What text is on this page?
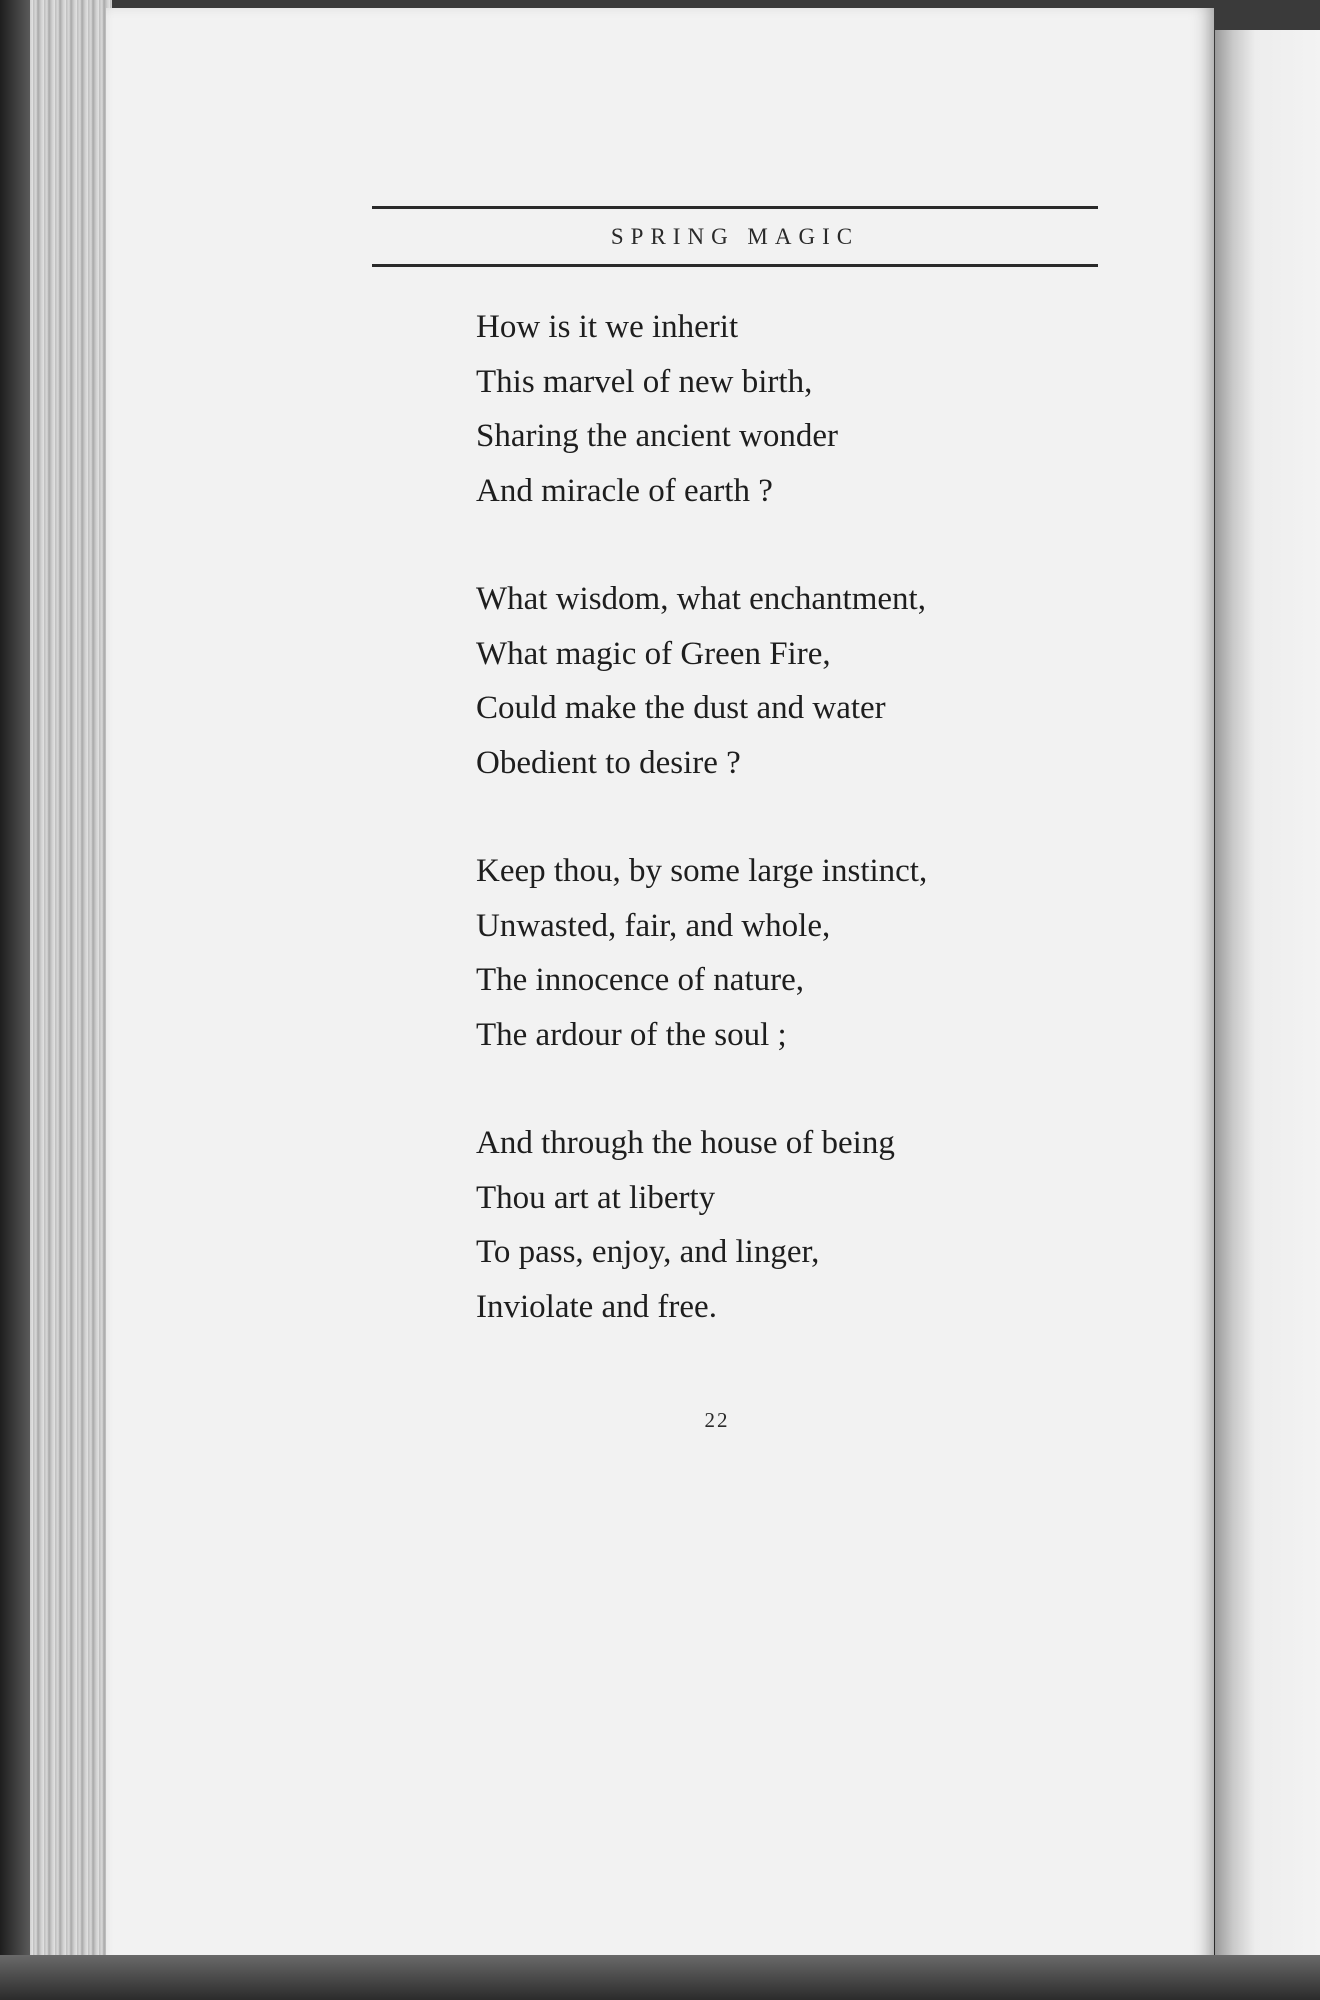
SPRING MAGIC
How is it we inherit
This marvel of new birth,
Sharing the ancient wonder
And miracle of earth ?
What wisdom, what enchantment,
What magic of Green Fire,
Could make the dust and water
Obedient to desire ?
Keep thou, by some large instinct,
Unwasted, fair, and whole,
The innocence of nature,
The ardour of the soul ;
And through the house of being
Thou art at liberty
To pass, enjoy, and linger,
Inviolate and free.
22
